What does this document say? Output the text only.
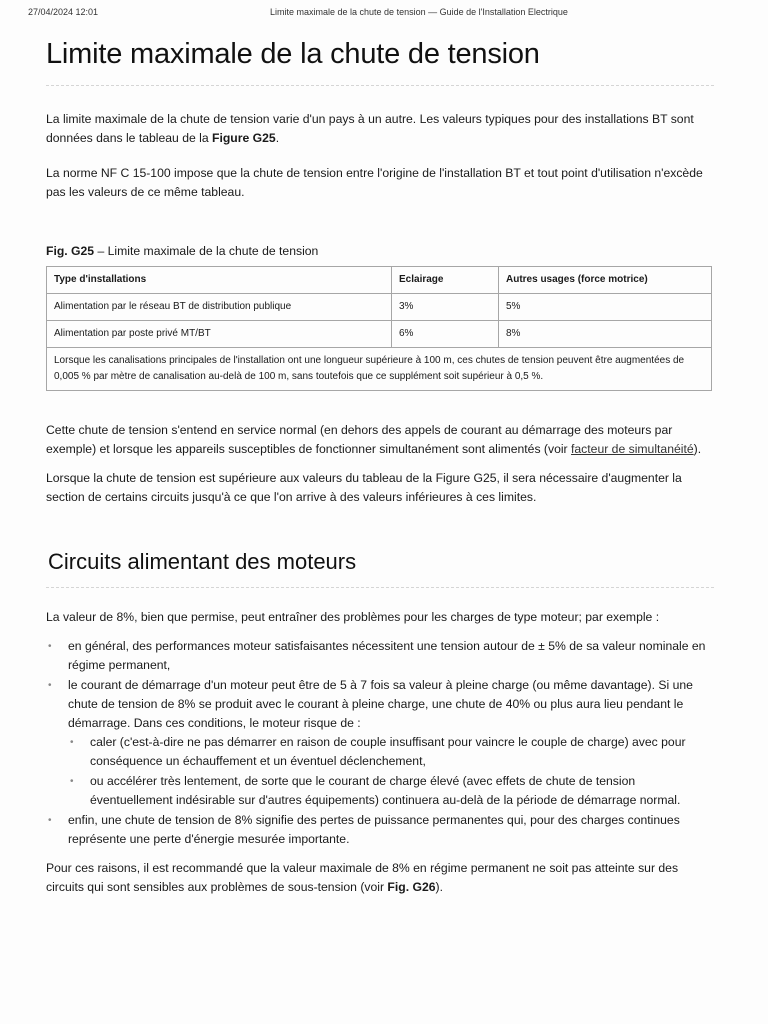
27/04/2024 12:01	Limite maximale de la chute de tension — Guide de l'Installation Electrique
Limite maximale de la chute de tension

La limite maximale de la chute de tension varie d'un pays à un autre. Les valeurs typiques pour des installations BT sont données dans le tableau de la Figure G25.

La norme NF C 15-100 impose que la chute de tension entre l'origine de l'installation BT et tout point d'utilisation n'excède pas les valeurs de ce même tableau.

Fig. G25 – Limite maximale de la chute de tension
Type d'installations	Eclairage	Autres usages (force motrice)
Alimentation par le réseau BT de distribution publique	3%	5%
Alimentation par poste privé MT/BT	6%	8%
Lorsque les canalisations principales de l'installation ont une longueur supérieure à 100 m, ces chutes de tension peuvent être augmentées de 0,005 % par mètre de canalisation au-delà de 100 m, sans toutefois que ce supplément soit supérieur à 0,5 %.		

Cette chute de tension s'entend en service normal (en dehors des appels de courant au démarrage des moteurs par exemple) et lorsque les appareils susceptibles de fonctionner simultanément sont alimentés (voir facteur de simultanéité).

Lorsque la chute de tension est supérieure aux valeurs du tableau de la Figure G25, il sera nécessaire d'augmenter la section de certains circuits jusqu'à ce que l'on arrive à des valeurs inférieures à ces limites.

Circuits alimentant des moteurs

La valeur de 8%, bien que permise, peut entraîner des problèmes pour les charges de type moteur; par exemple :

• en général, des performances moteur satisfaisantes nécessitent une tension autour de ± 5% de sa valeur nominale en régime permanent,
• le courant de démarrage d'un moteur peut être de 5 à 7 fois sa valeur à pleine charge (ou même davantage). Si une chute de tension de 8% se produit avec le courant à pleine charge, une chute de 40% ou plus aura lieu pendant le démarrage. Dans ces conditions, le moteur risque de :
• caler (c'est-à-dire ne pas démarrer en raison de couple insuffisant pour vaincre le couple de charge) avec pour conséquence un échauffement et un éventuel déclenchement,
• ou accélérer très lentement, de sorte que le courant de charge élevé (avec effets de chute de tension éventuellement indésirable sur d'autres équipements) continuera au-delà de la période de démarrage normal.
• enfin, une chute de tension de 8% signifie des pertes de puissance permanentes qui, pour des charges continues représente une perte d'énergie mesurée importante.

Pour ces raisons, il est recommandé que la valeur maximale de 8% en régime permanent ne soit pas atteinte sur des circuits qui sont sensibles aux problèmes de sous-tension (voir Fig. G26).
